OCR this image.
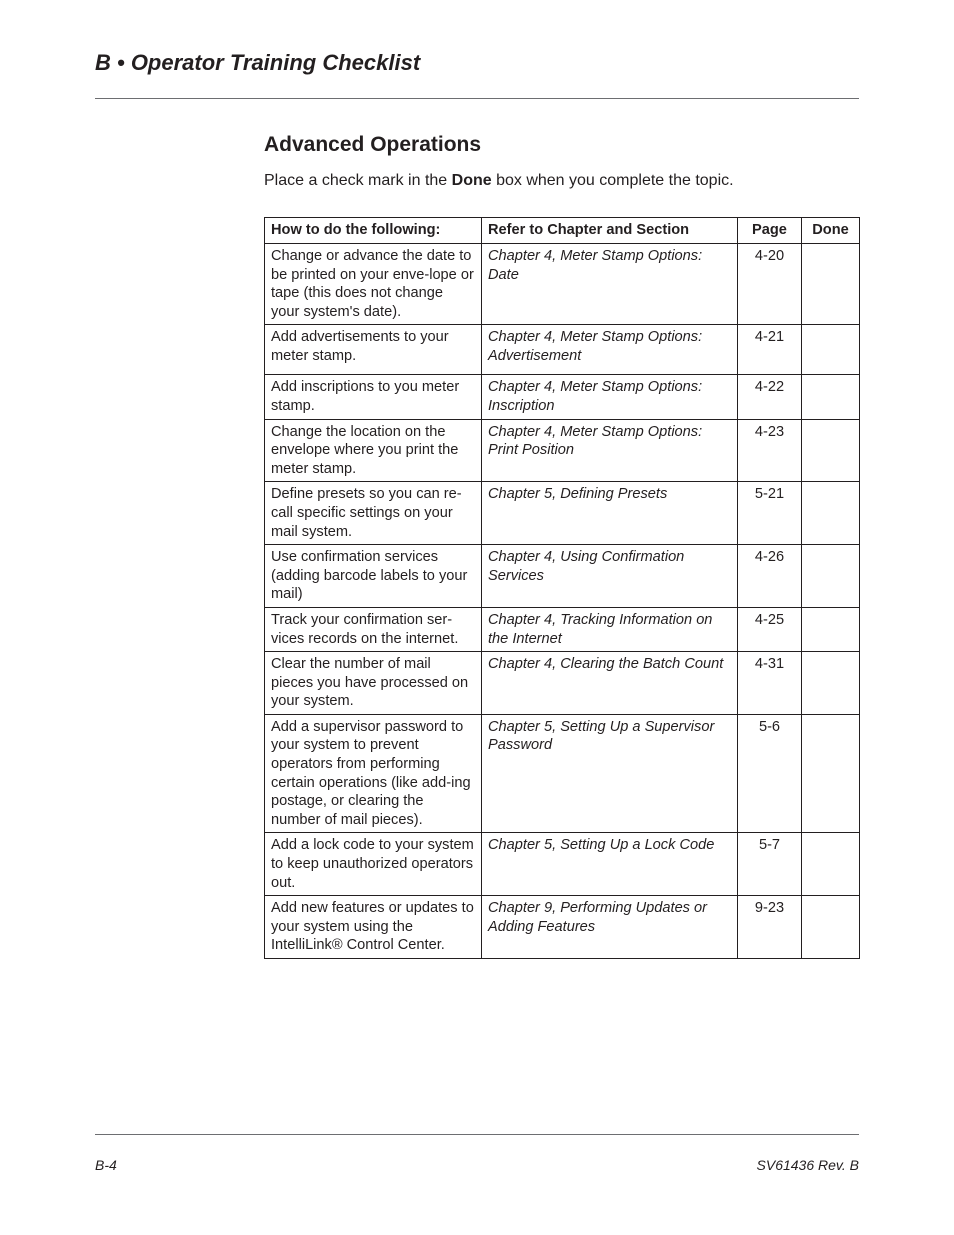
B • Operator Training Checklist
Advanced Operations

Place a check mark in the Done box when you complete the topic.

How to do the following:	Refer to Chapter and Section	Page	Done
Change or advance the date to be printed on your enve-lope or tape (this does not change your system's date).	Chapter 4, Meter Stamp Options: Date	4-20	
Add advertisements to your meter stamp.	Chapter 4, Meter Stamp Options: Advertisement	4-21	
Add inscriptions to you meter stamp.	Chapter 4, Meter Stamp Options: Inscription	4-22	
Change the location on the envelope where you print the meter stamp.	Chapter 4, Meter Stamp Options: Print Position	4-23	
Define presets so you can re-call specific settings on your mail system.	Chapter 5, Defining Presets	5-21	
Use confirmation services (adding barcode labels to your mail)	Chapter 4, Using Confirmation Services	4-26	
Track your confirmation ser-vices records on the internet.	Chapter 4, Tracking Information on the Internet	4-25	
Clear the number of mail pieces you have processed on your system.	Chapter 4, Clearing the Batch Count	4-31	
Add a supervisor password to your system to prevent operators from performing certain operations (like add-ing postage, or clearing the number of mail pieces).	Chapter 5, Setting Up a Supervisor Password	5-6	
Add a lock code to your system to keep unauthorized operators out.	Chapter 5, Setting Up a Lock Code	5-7	
Add new features or updates to your system using the IntelliLink® Control Center.	Chapter 9, Performing Updates or Adding Features	9-23	

B-4	SV61436 Rev. B
